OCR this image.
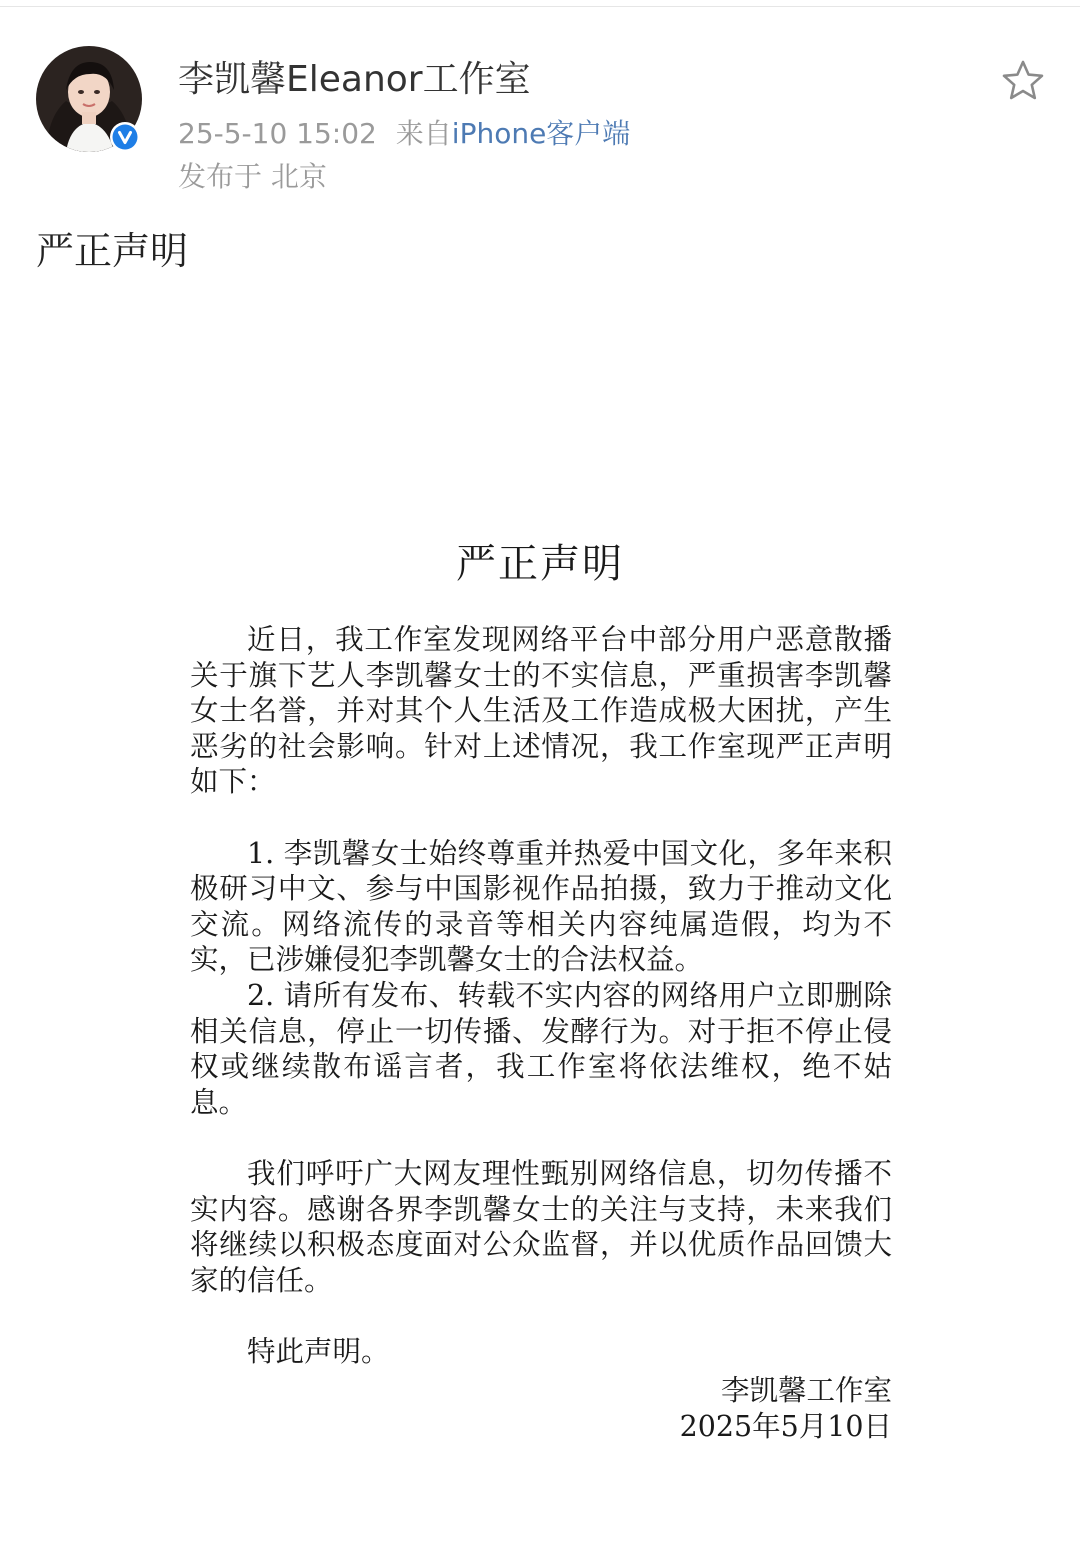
李凯馨Eleanor工作室
25-5-10 15:02 来自iPhone客户端
发布于 北京
严正声明
严正声明

近日，我工作室发现网络平台中部分用户恶意散播关于旗下艺人李凯馨女士的不实信息，严重损害李凯馨女士名誉，并对其个人生活及工作造成极大困扰，产生恶劣的社会影响。针对上述情况，我工作室现严正声明如下：

1. 李凯馨女士始终尊重并热爱中国文化，多年来积极研习中文、参与中国影视作品拍摄，致力于推动文化交流。网络流传的录音等相关内容纯属造假，均为不实，已涉嫌侵犯李凯馨女士的合法权益。

2. 请所有发布、转载不实内容的网络用户立即删除相关信息，停止一切传播、发酵行为。对于拒不停止侵权或继续散布谣言者，我工作室将依法维权，绝不姑息。

我们呼吁广大网友理性甄别网络信息，切勿传播不实内容。感谢各界李凯馨女士的关注与支持，未来我们将继续以积极态度面对公众监督，并以优质作品回馈大家的信任。

特此声明。

李凯馨工作室
2025年5月10日
